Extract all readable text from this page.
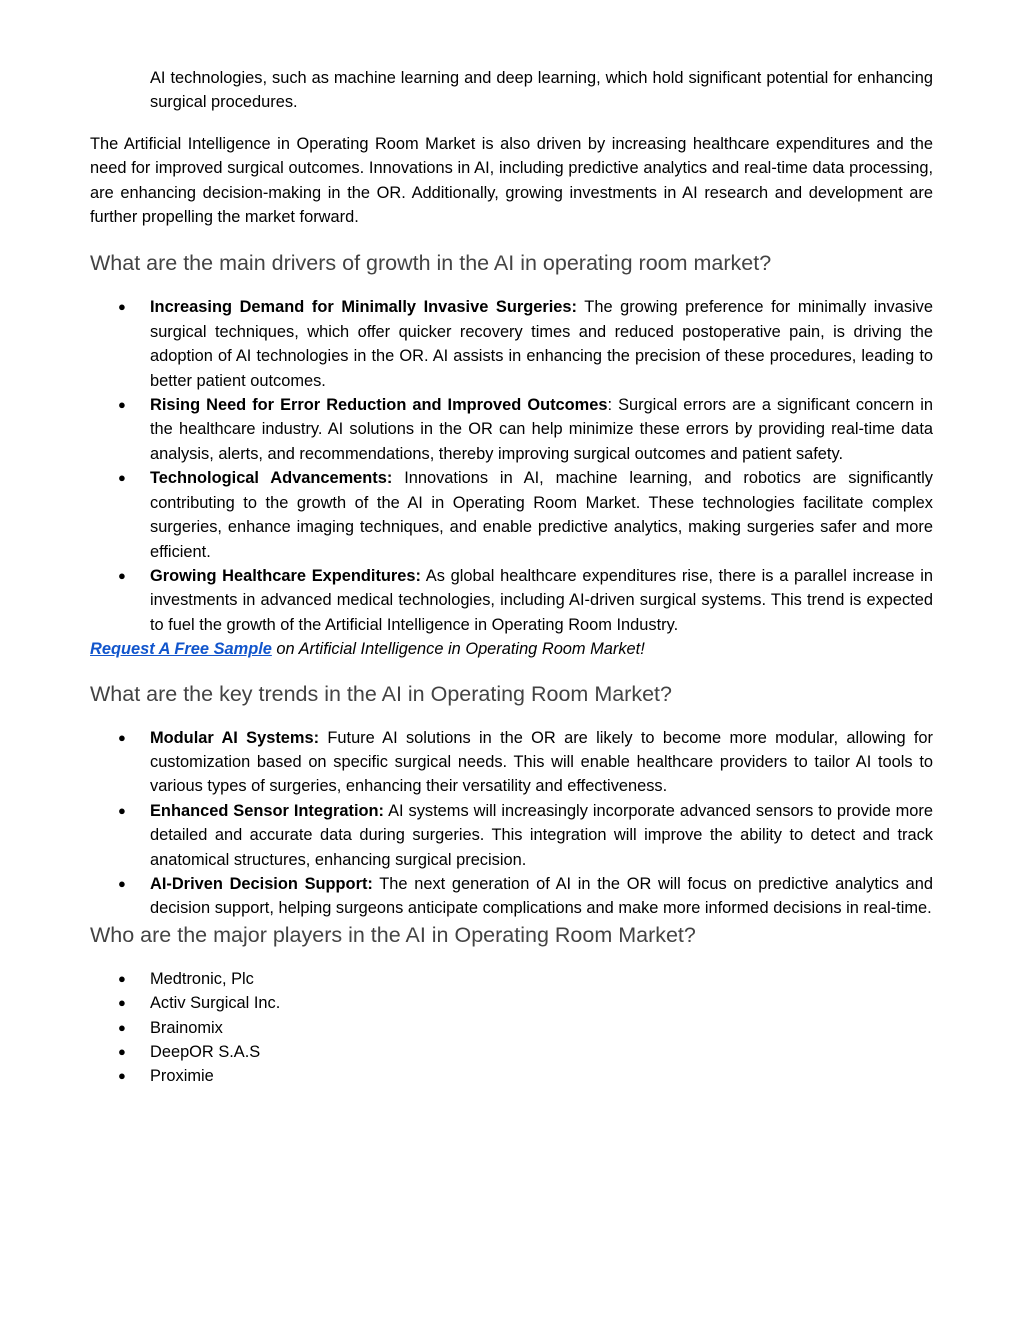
AI technologies, such as machine learning and deep learning, which hold significant potential for enhancing surgical procedures.

The Artificial Intelligence in Operating Room Market is also driven by increasing healthcare expenditures and the need for improved surgical outcomes. Innovations in AI, including predictive analytics and real-time data processing, are enhancing decision-making in the OR. Additionally, growing investments in AI research and development are further propelling the market forward.

What are the main drivers of growth in the AI in operating room market?
● Increasing Demand for Minimally Invasive Surgeries: The growing preference for minimally invasive surgical techniques, which offer quicker recovery times and reduced postoperative pain, is driving the adoption of AI technologies in the OR. AI assists in enhancing the precision of these procedures, leading to better patient outcomes.
● Rising Need for Error Reduction and Improved Outcomes: Surgical errors are a significant concern in the healthcare industry. AI solutions in the OR can help minimize these errors by providing real-time data analysis, alerts, and recommendations, thereby improving surgical outcomes and patient safety.
● Technological Advancements: Innovations in AI, machine learning, and robotics are significantly contributing to the growth of the AI in Operating Room Market. These technologies facilitate complex surgeries, enhance imaging techniques, and enable predictive analytics, making surgeries safer and more efficient.
● Growing Healthcare Expenditures: As global healthcare expenditures rise, there is a parallel increase in investments in advanced medical technologies, including AI-driven surgical systems. This trend is expected to fuel the growth of the Artificial Intelligence in Operating Room Industry.

Request A Free Sample on Artificial Intelligence in Operating Room Market!

What are the key trends in the AI in Operating Room Market?
● Modular AI Systems: Future AI solutions in the OR are likely to become more modular, allowing for customization based on specific surgical needs. This will enable healthcare providers to tailor AI tools to various types of surgeries, enhancing their versatility and effectiveness.
● Enhanced Sensor Integration: AI systems will increasingly incorporate advanced sensors to provide more detailed and accurate data during surgeries. This integration will improve the ability to detect and track anatomical structures, enhancing surgical precision.
● AI-Driven Decision Support: The next generation of AI in the OR will focus on predictive analytics and decision support, helping surgeons anticipate complications and make more informed decisions in real-time.
Who are the major players in the AI in Operating Room Market?
● Medtronic, Plc
● Activ Surgical Inc.
● Brainomix
● DeepOR S.A.S
● Proximie
